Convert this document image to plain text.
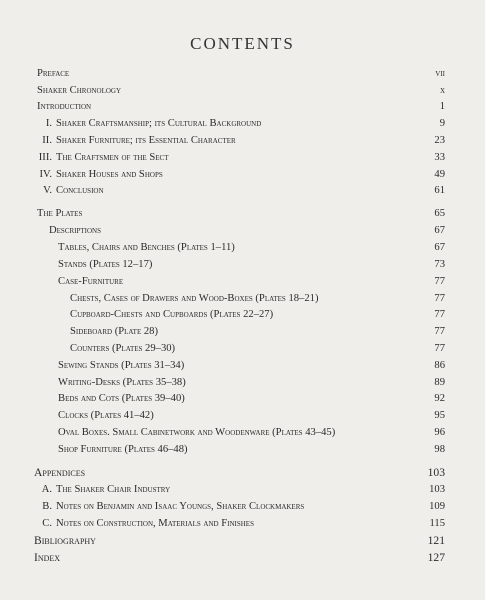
CONTENTS
Preface	vii
Shaker Chronology	x
Introduction	1
I. Shaker Craftsmanship; its Cultural Background	9
II. Shaker Furniture; its Essential Character	23
III. The Craftsmen of the Sect	33
IV. Shaker Houses and Shops	49
V. Conclusion	61
The Plates	65
Descriptions	67
Tables, Chairs and Benches (Plates 1–11)	67
Stands (Plates 12–17)	73
Case-Furniture	77
Chests, Cases of Drawers and Wood-Boxes (Plates 18–21)	77
Cupboard-Chests and Cupboards (Plates 22–27)	77
Sideboard (Plate 28)	77
Counters (Plates 29–30)	77
Sewing Stands (Plates 31–34)	86
Writing-Desks (Plates 35–38)	89
Beds and Cots (Plates 39–40)	92
Clocks (Plates 41–42)	95
Oval Boxes. Small Cabinetwork and Woodenware (Plates 43–45)	96
Shop Furniture (Plates 46–48)	98
Appendices	103
A. The Shaker Chair Industry	103
B. Notes on Benjamin and Isaac Youngs, Shaker Clockmakers	109
C. Notes on Construction, Materials and Finishes	115
Bibliography	121
Index	127
